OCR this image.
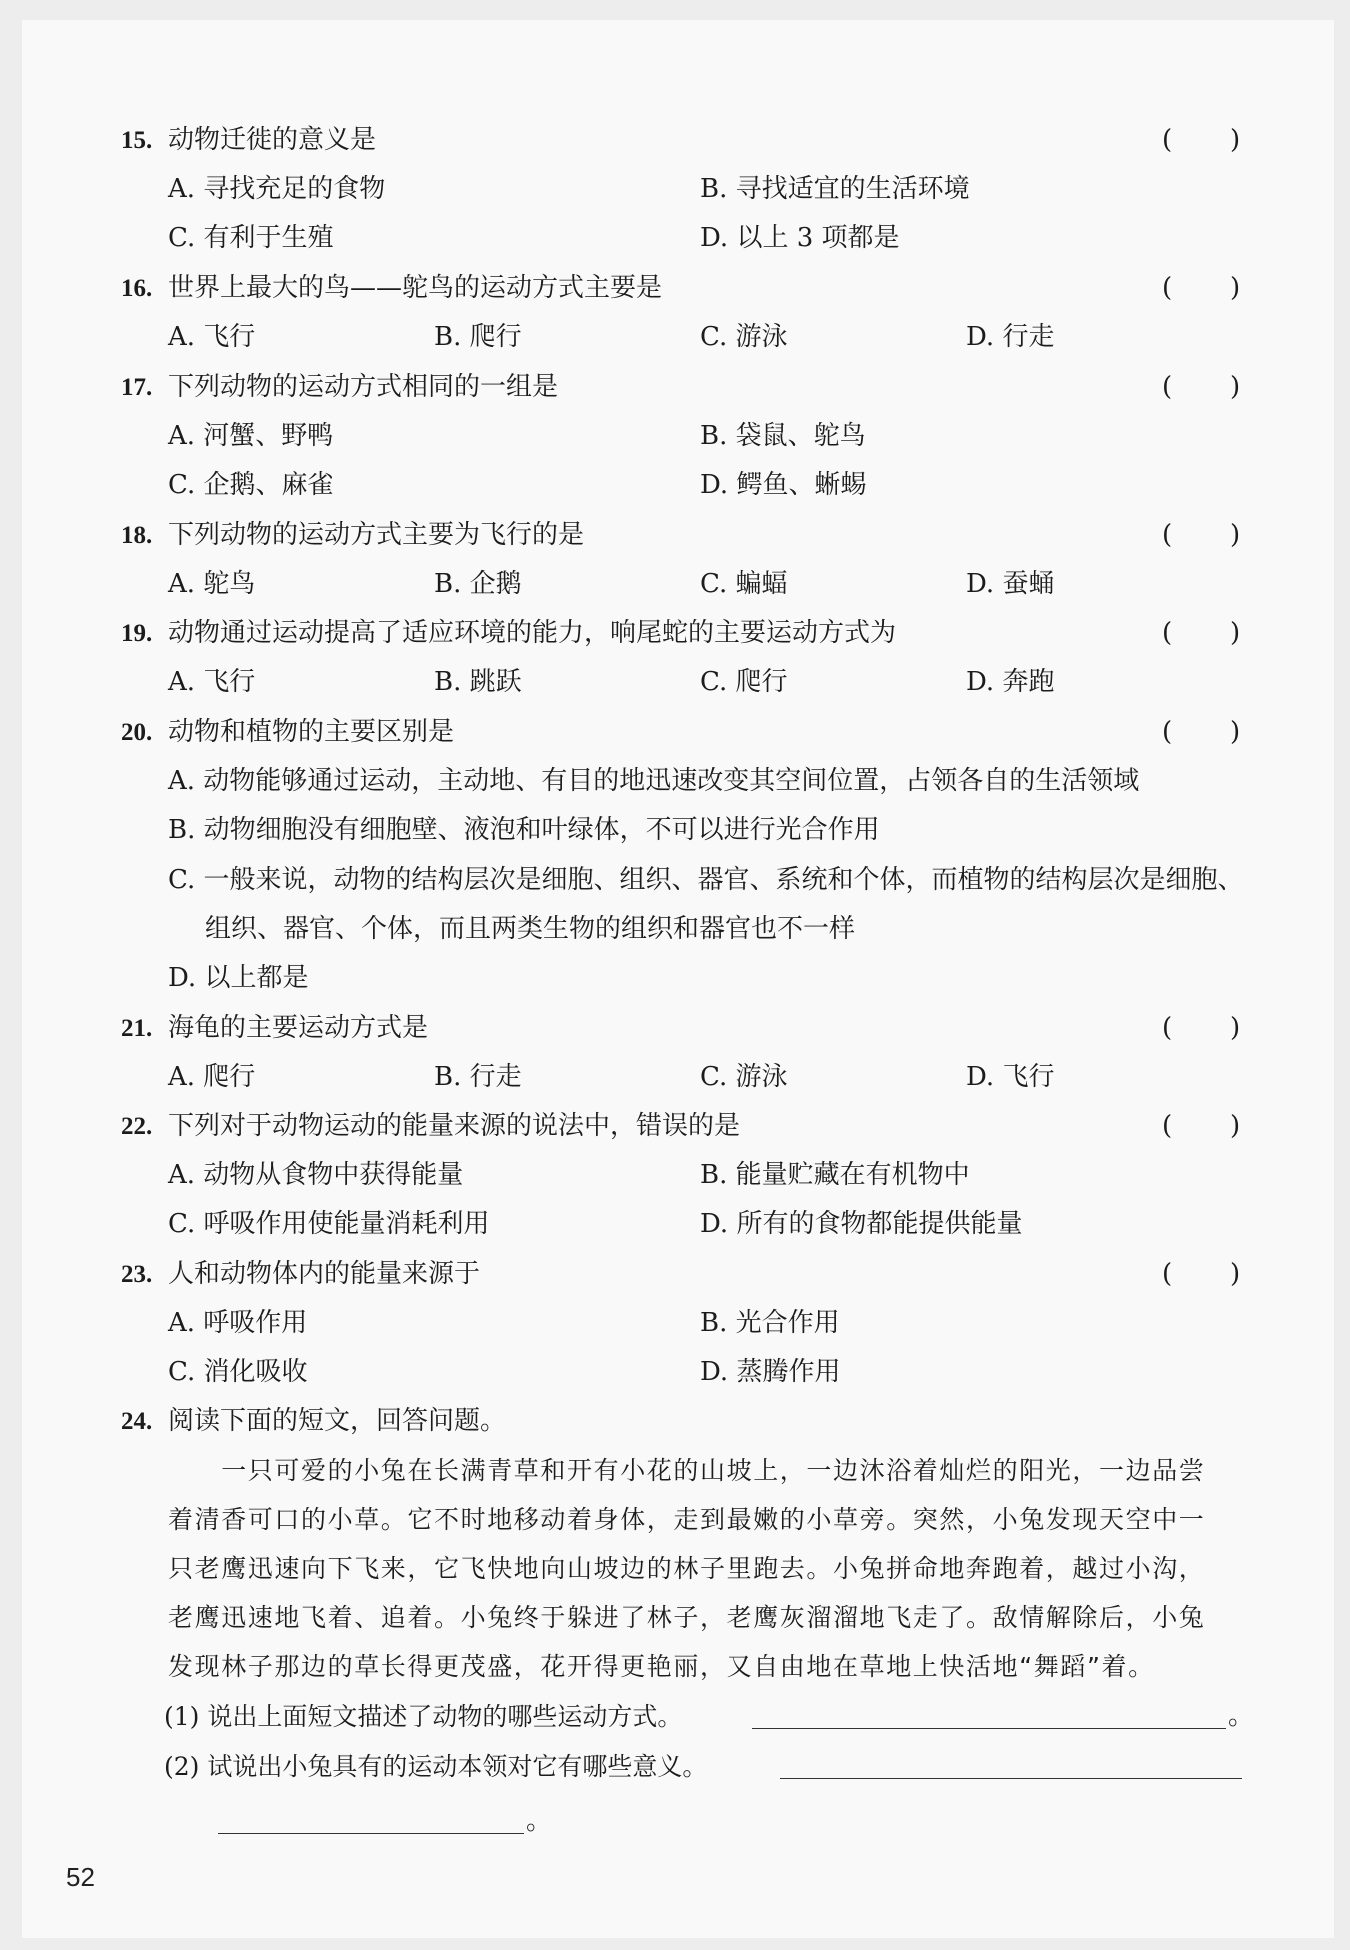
15. 动物迁徙的意义是	( )
A. 寻找充足的食物	B. 寻找适宜的生活环境
C. 有利于生殖	D. 以上 3 项都是
16. 世界上最大的鸟——鸵鸟的运动方式主要是	( )
A. 飞行	B. 爬行	C. 游泳	D. 行走
17. 下列动物的运动方式相同的一组是	( )
A. 河蟹、野鸭	B. 袋鼠、鸵鸟
C. 企鹅、麻雀	D. 鳄鱼、蜥蜴
18. 下列动物的运动方式主要为飞行的是	( )
A. 鸵鸟	B. 企鹅	C. 蝙蝠	D. 蚕蛹
19. 动物通过运动提高了适应环境的能力，响尾蛇的主要运动方式为	( )
A. 飞行	B. 跳跃	C. 爬行	D. 奔跑
20. 动物和植物的主要区别是	( )
A. 动物能够通过运动，主动地、有目的地迅速改变其空间位置，占领各自的生活领域
B. 动物细胞没有细胞壁、液泡和叶绿体，不可以进行光合作用
C. 一般来说，动物的结构层次是细胞、组织、器官、系统和个体，而植物的结构层次是细胞、
组织、器官、个体，而且两类生物的组织和器官也不一样
D. 以上都是
21. 海龟的主要运动方式是	( )
A. 爬行	B. 行走	C. 游泳	D. 飞行
22. 下列对于动物运动的能量来源的说法中，错误的是	( )
A. 动物从食物中获得能量	B. 能量贮藏在有机物中
C. 呼吸作用使能量消耗利用	D. 所有的食物都能提供能量
23. 人和动物体内的能量来源于	( )
A. 呼吸作用	B. 光合作用
C. 消化吸收	D. 蒸腾作用
24. 阅读下面的短文，回答问题。
　　一只可爱的小兔在长满青草和开有小花的山坡上，一边沐浴着灿烂的阳光，一边品尝
着清香可口的小草。它不时地移动着身体，走到最嫩的小草旁。突然，小兔发现天空中一
只老鹰迅速向下飞来，它飞快地向山坡边的林子里跑去。小兔拼命地奔跑着，越过小沟，
老鹰迅速地飞着、追着。小兔终于躲进了林子，老鹰灰溜溜地飞走了。敌情解除后，小兔
发现林子那边的草长得更茂盛，花开得更艳丽，又自由地在草地上快活地“舞蹈”着。
(1) 说出上面短文描述了动物的哪些运动方式。	。
(2) 试说出小兔具有的运动本领对它有哪些意义。
。
52
